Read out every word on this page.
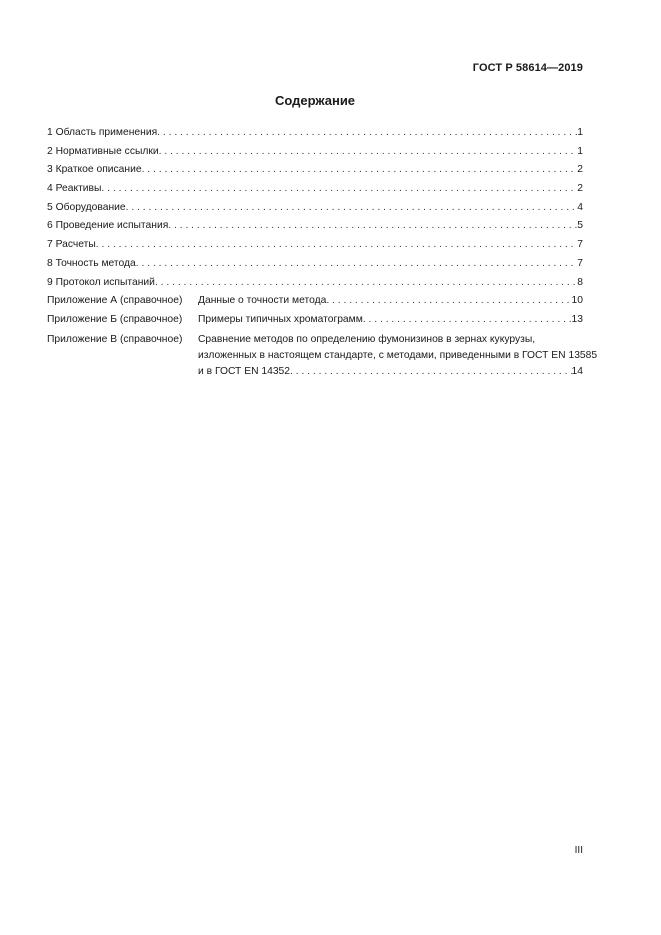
ГОСТ Р 58614—2019
Содержание
1 Область применения . . .	1
2 Нормативные ссылки . . .	1
3 Краткое описание . . .	2
4 Реактивы . . .	2
5 Оборудование . . .	4
6 Проведение испытания . . .	5
7 Расчеты . . .	7
8 Точность метода . . .	7
9 Протокол испытаний . . .	8
Приложение А (справочное)	Данные о точности метода . . .	10
Приложение Б (справочное)	Примеры типичных хроматограмм . . .	13
Приложение В (справочное)	Сравнение методов по определению фумонизинов в зернах кукурузы,
изложенных в настоящем стандарте, с методами, приведенными в ГОСТ EN 13585
и в ГОСТ EN 14352 . . .	14
III
